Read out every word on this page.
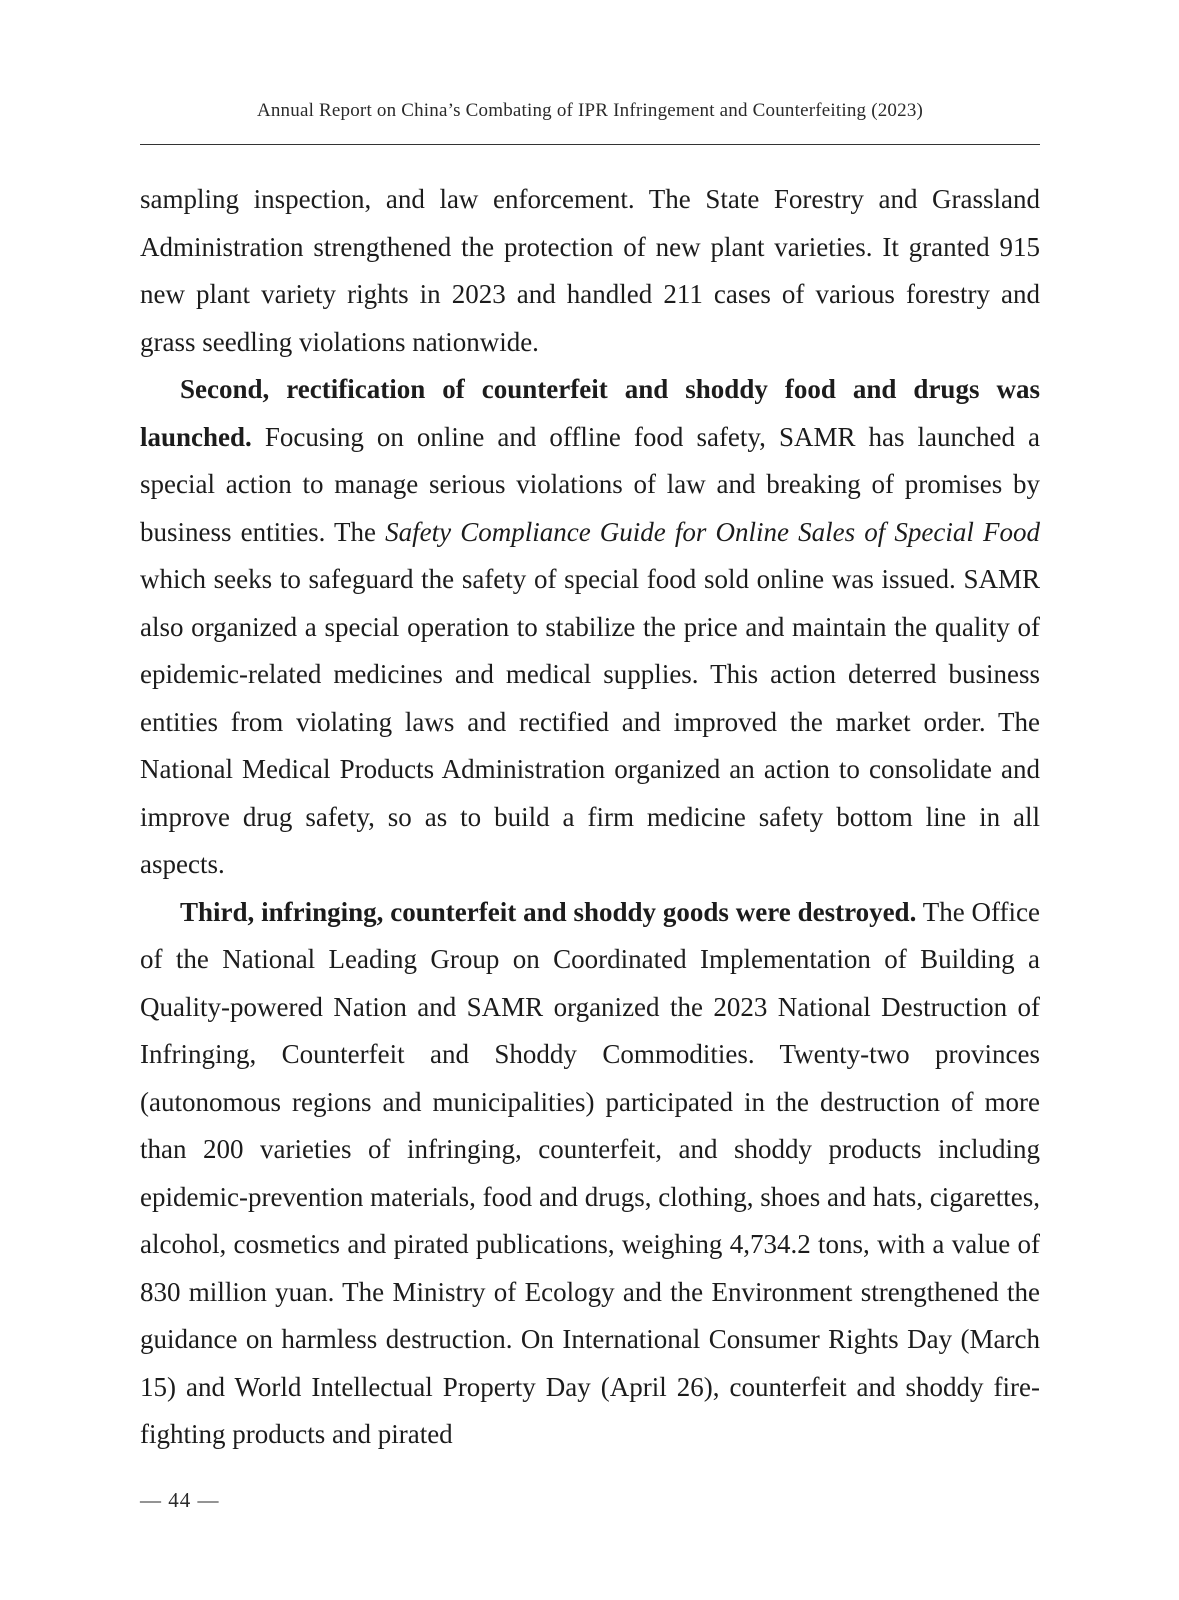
Annual Report on China’s Combating of IPR Infringement and Counterfeiting (2023)

sampling inspection, and law enforcement. The State Forestry and Grassland Administration strengthened the protection of new plant varieties. It granted 915 new plant variety rights in 2023 and handled 211 cases of various forestry and grass seedling violations nationwide.

Second, rectification of counterfeit and shoddy food and drugs was launched. Focusing on online and offline food safety, SAMR has launched a special action to manage serious violations of law and breaking of promises by business entities. The Safety Compliance Guide for Online Sales of Special Food which seeks to safeguard the safety of special food sold online was issued. SAMR also organized a special operation to stabilize the price and maintain the quality of epidemic-related medicines and medical supplies. This action deterred business entities from violating laws and rectified and improved the market order. The National Medical Products Administration organized an action to consolidate and improve drug safety, so as to build a firm medicine safety bottom line in all aspects.

Third, infringing, counterfeit and shoddy goods were destroyed. The Office of the National Leading Group on Coordinated Implementation of Building a Quality-powered Nation and SAMR organized the 2023 National Destruction of Infringing, Counterfeit and Shoddy Commodities. Twenty-two provinces (autonomous regions and municipalities) participated in the destruction of more than 200 varieties of infringing, counterfeit, and shoddy products including epidemic-prevention materials, food and drugs, clothing, shoes and hats, cigarettes, alcohol, cosmetics and pirated publications, weighing 4,734.2 tons, with a value of 830 million yuan. The Ministry of Ecology and the Environment strengthened the guidance on harmless destruction. On International Consumer Rights Day (March 15) and World Intellectual Property Day (April 26), counterfeit and shoddy fire-fighting products and pirated

— 44 —
